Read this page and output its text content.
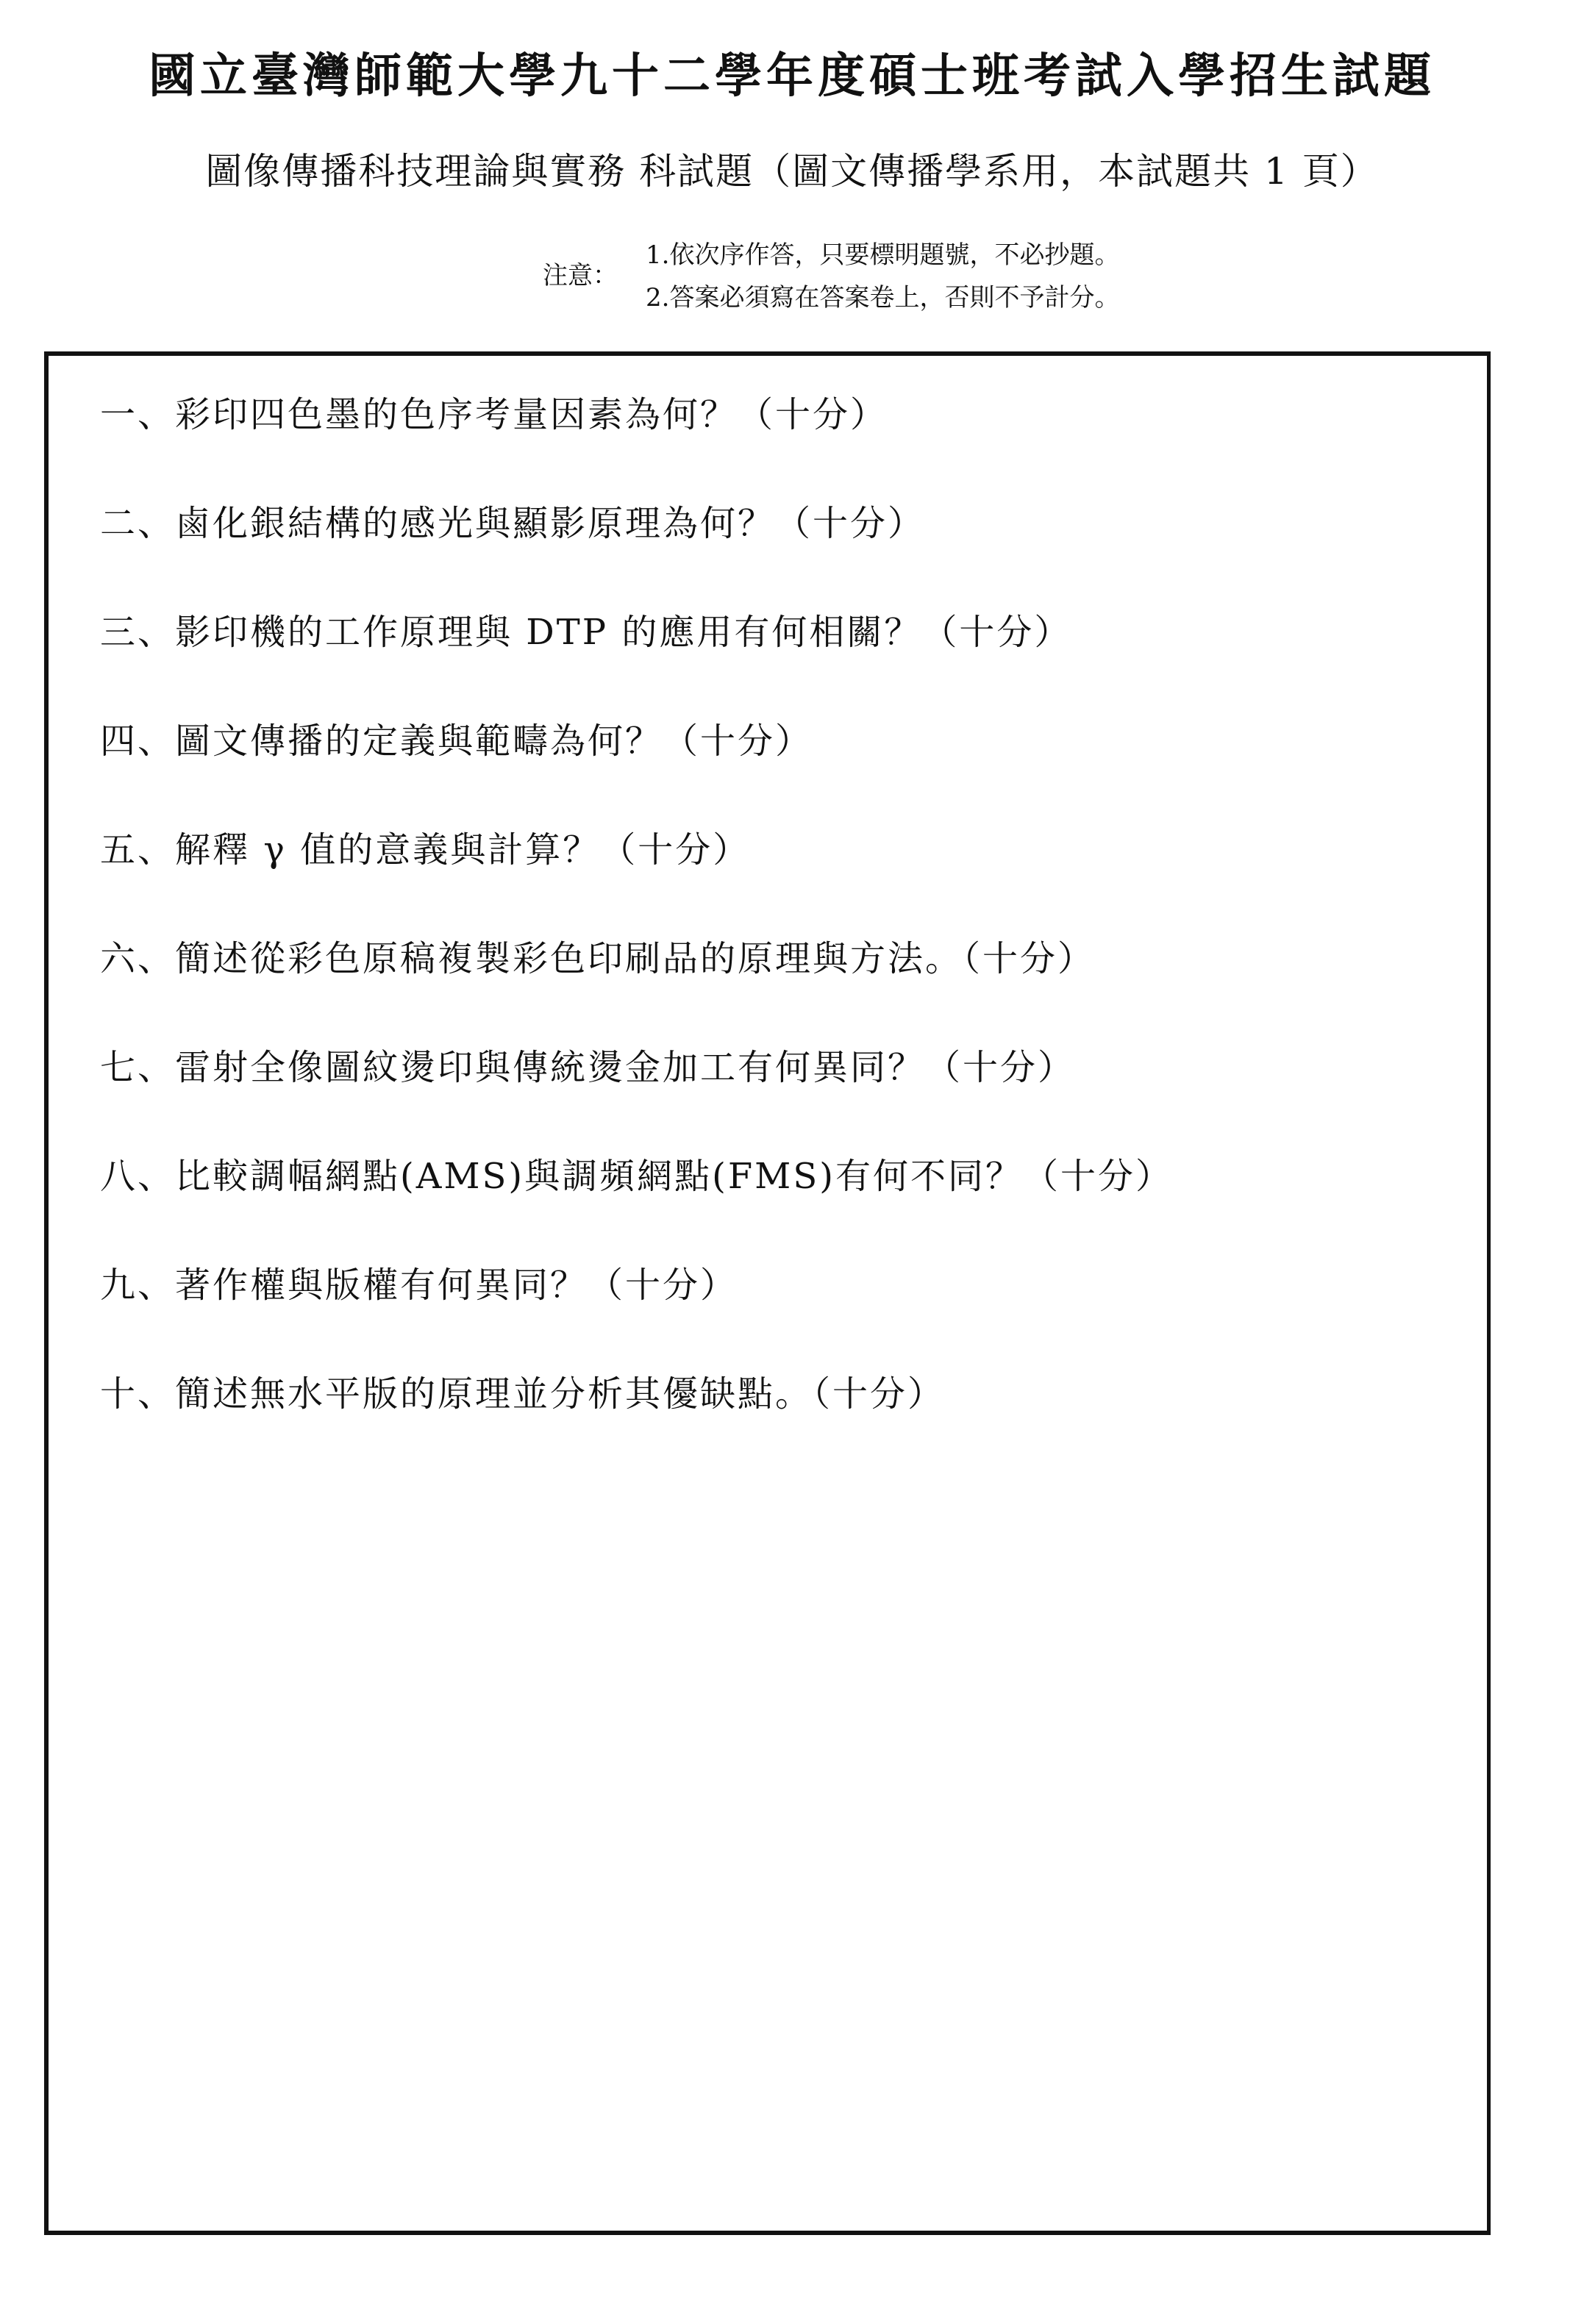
國立臺灣師範大學九十二學年度碩士班考試入學招生試題
圖像傳播科技理論與實務 科試題（圖文傳播學系用，本試題共 1 頁）
注意：
1.依次序作答，只要標明題號，不必抄題。
2.答案必須寫在答案卷上，否則不予計分。
一、彩印四色墨的色序考量因素為何？（十分）
二、鹵化銀結構的感光與顯影原理為何？（十分）
三、影印機的工作原理與 DTP 的應用有何相關？（十分）
四、圖文傳播的定義與範疇為何？（十分）
五、解釋 γ 值的意義與計算？（十分）
六、簡述從彩色原稿複製彩色印刷品的原理與方法。（十分）
七、雷射全像圖紋燙印與傳統燙金加工有何異同？（十分）
八、比較調幅網點(AMS)與調頻網點(FMS)有何不同？（十分）
九、著作權與版權有何異同？（十分）
十、簡述無水平版的原理並分析其優缺點。（十分）
